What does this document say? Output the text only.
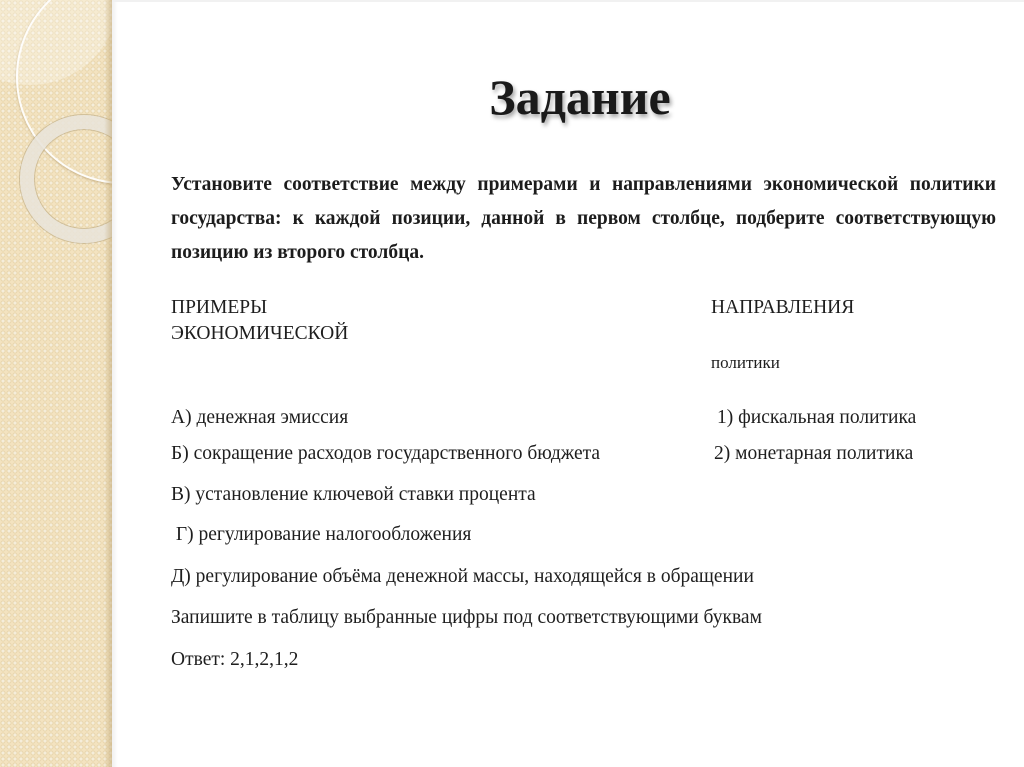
Задание

Установите соответствие между примерами и направлениями экономической политики государства: к каждой позиции, данной в первом столбце, подберите соответствующую позицию из второго столбца.

ПРИМЕРЫ

ЭКОНОМИЧЕСКОЙ

НАПРАВЛЕНИЯ

политики

А) денежная эмиссия

Б) сокращение расходов государственного бюджета

В) установление ключевой ставки процента

Г) регулирование налогообложения

Д) регулирование объёма денежной массы, находящейся в обращении

1) фискальная политика

2) монетарная политика

Запишите в таблицу выбранные цифры под соответствующими буквам

Ответ: 2,1,2,1,2
